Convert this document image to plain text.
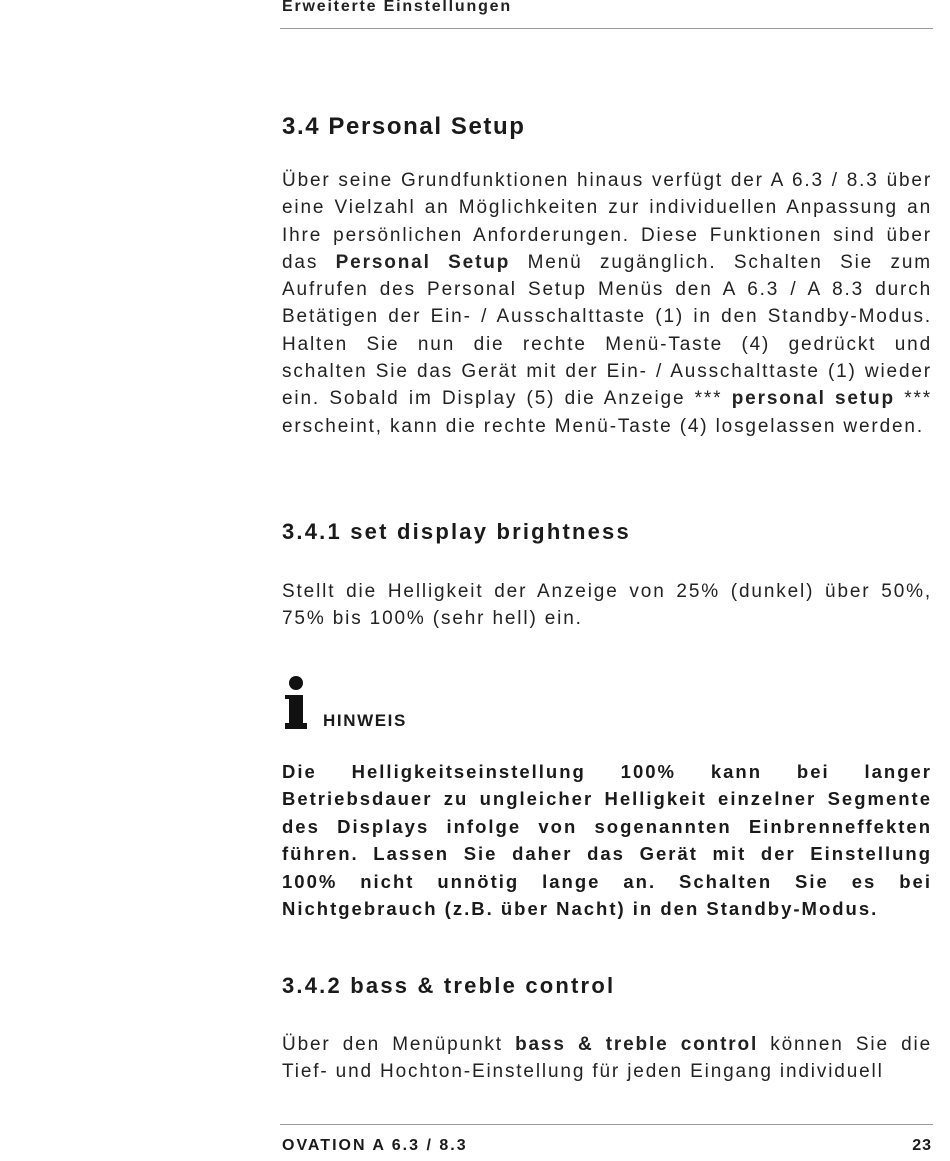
Erweiterte Einstellungen
3.4 Personal Setup

Über seine Grundfunktionen hinaus verfügt der A 6.3 / 8.3 über eine Vielzahl an Möglichkeiten zur individuellen Anpassung an Ihre persönlichen Anforderungen. Diese Funktionen sind über das Personal Setup Menü zugänglich. Schalten Sie zum Aufrufen des Personal Setup Menüs den A 6.3 / A 8.3 durch Betätigen der Ein- / Ausschalttaste (1) in den Standby-Modus. Halten Sie nun die rechte Menü-Taste (4) gedrückt und schalten Sie das Gerät mit der Ein- / Ausschalttaste (1) wieder ein. Sobald im Display (5) die Anzeige *** personal setup *** erscheint, kann die rechte Menü-Taste (4) losgelassen werden.

3.4.1 set display brightness

Stellt die Helligkeit der Anzeige von 25% (dunkel) über 50%, 75% bis 100% (sehr hell) ein.

HINWEIS

Die Helligkeitseinstellung 100% kann bei langer Betriebsdauer zu ungleicher Helligkeit einzelner Segmente des Displays infolge von sogenannten Einbrenneffekten führen. Lassen Sie daher das Gerät mit der Einstellung 100% nicht unnötig lange an. Schalten Sie es bei Nichtgebrauch (z.B. über Nacht) in den Standby-Modus.

3.4.2 bass & treble control

Über den Menüpunkt bass & treble control können Sie die Tief- und Hochton-Einstellung für jeden Eingang individuell

OVATION A 6.3 / 8.3	23
